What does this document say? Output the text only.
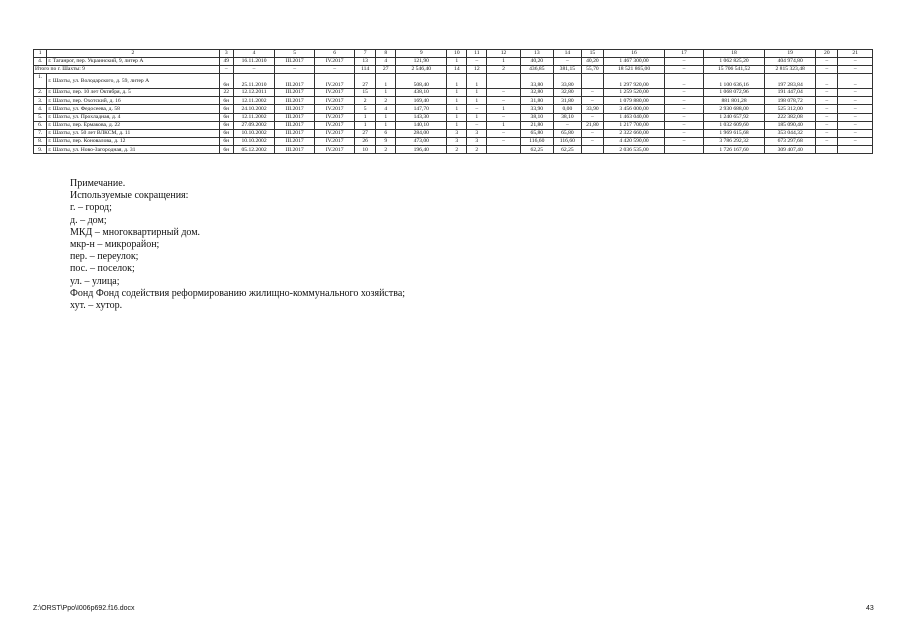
1	2	3	4	5	6	7	8	9	10	11	12	13	14	15	16	17	18	19	20	21
4.	г. Таганрог, пер. Украинский, 9, литер А	49	16.11.2010	III.2017	IV.2017	13	4	121,90	1	–	1	40,20	–	40,20	1 467 300,00	–	1 062 825,20	404 974,80	–	–
Итого по г. Шахты: 9		–	–	–	–	114	27	2 546,40	14	12	2	436,85	381,15	55,70	18 521 865,00	–	15 706 541,52	2 815 323,48	–	–
1.	г. Шахты, ул. Володарского, д. 59, литер А	6н	25.11.2010	III.2017	IV.2017	27	1	508,40	1	1		33,80	33,80		1 297 920,00	–	1 100 636,16	197 283,84	–	–
2.	г. Шахты, пер. 10 лет Октября, д. 5	22	12.12.2011	III.2017	IV.2017	15	1	438,10	1	1	–	32,80	32,80	–	1 259 520,00	–	1 068 072,96	191 447,04	–	–
3.	г. Шахты, пер. Охотский, д. 16	6н	12.11.2002	III.2017	IV.2017	2	2	169,40	1	1	–	31,80	31,80	–	1 079 880,00	–	881 801,28	198 078,72	–	–
4.	г. Шахты, ул. Федосеева, д. 58	6н	24.10.2002	III.2017	IV.2017	5	4	147,70	1	–	1	33,90	0,00	33,90	3 456 000,00	–	2 930 688,00	525 312,00	–	–
5.	г. Шахты, ул. Прохладная, д. 4	6н	12.11.2002	III.2017	IV.2017	1	1	143,30	1	1	–	38,10	38,10	–	1 463 040,00	–	1 240 657,92	222 382,08	–	–
6.	г. Шахты, пер. Ермакова, д. 22	6н	27.09.2002	III.2017	IV.2017	1	1	140,10	1	–	1	21,80	–	21,80	1 217 700,00	–	1 032 609,60	185 090,40	–	–
7.	г. Шахты, ул. 50 лет ВЛКСМ, д. 11	6н	10.10.2002	III.2017	IV.2017	27	6	284,00	3	3	–	65,80	65,80	–	2 322 660,00	–	1 969 615,68	353 044,32	–	–
8.	г. Шахты, пер. Коновалова, д. 12	6н	10.10.2002	III.2017	IV.2017	26	9	473,00	3	3	–	116,60	116,60	–	4 420 590,00	–	3 786 292,32	673 297,68	–	–
9.	г. Шахты, ул. Ново-Загородная, д. 31	6н	05.12.2002	III.2017	IV.2017	10	2	196,40	2	2		62,25	62,25		2 036 535,00		1 726 167,60	309 407,40		
Примечание.
Используемые сокращения:
г. – город;
д. – дом;
МКД – многоквартирный дом.
мкр-н – микрорайон;
пер. – переулок;
пос. – поселок;
ул. – улица;
Фонд Фонд содействия реформированию жилищно-коммунального хозяйства;
хут. – хутор.
Z:\ORST\Ppo\I006p692.f16.docx	43
